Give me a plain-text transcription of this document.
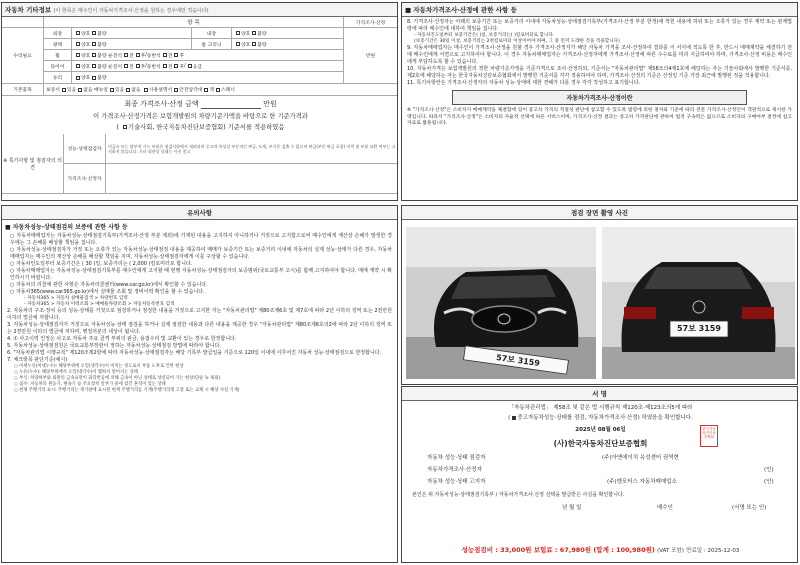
자동차 기타정보 (이 항목은 매수인이 자동차가격조사·산정을 원하는 경우에만 적습니다)
항 목	가격조사·산정
수리필요	만원
외장	양호 불량	내장	양호 불량
광택	양호 불량	룸 크리닝	양호 불량
휠	양호 불량
운전석 전 후 / 동반석 전 후
타이어	양호 불량
운전석 전 후 / 동반석 전 후 / 응급
유리	양호 불량
기본품목	보증서 있음 없음
매뉴얼 있음 없음
사용설명서 안전삼각대 잭 스패너
최종 가격조사·산정 금액	만원
이 가격조사·산정가격은 보험개발원의 차량기준가액을 바탕으로 한 기준가격과
( 기술사회, 한국자동차진단보증협회) 기준서를 적용하였음
※ 특기사항 및 점검자의 의견
성능·상태점검자
비금속 또는 탈부착 가능 부품은 점검사항에서 제외되며 중고차 특성상 부분적인 판금, 도색, 부식은 검출 수 없으며 판금(부분 판금 포함) 이력 및 부품 교환 여부는 고지하지 않습니다. 기타 외관상 상태는 사진 참고
가격조사·산정자
■ 자동차가격조사·산정에 관한 사항 등
8. 가격조사·산정자는 아래의 보증기간 또는 보증거리 이내에 자동차성능·상태점검기록부(가격조사·산정 부분 한정)에 적힌 내용에 허위 또는 오류가 있는 경우 계약 또는 관계법령에 따라 매수인에 대하여 책임을 집니다.
- 자동차진도일부터 보증기간은( )일, 보증거리는( )킬로미터로 합니다.
(보증기간은 30일 이상, 보증거리는 2천킬로미터 이상이어야 하며, 그 중 먼저 도래한 것을 적용합니다)
9. 자동차매매업자는 매수인이 가격조사·산정을 원할 경우 가격조사·산정자가 해당 자동차 가격을 조사·산정하여 결과를 이 서식에 적도록 한 후, 반드시 매매계약을 체결하기 전에 매수인에게 서면으로 고지하여야 합니다. 이 경우 자동차매매업자는 가격조사·산정자에게 가격조사·산정에 따른 수수료를 미리 지급하여야 하며, 가격조사·산정 비용은 매수인에게 부담하도록 할 수 있습니다.
10. 자동차가격은 보험개발원의 정한 차량기준가액을 기준가격으로 조사·산정하되, 기준서는 "자동차관리법" 제58조의4제1호에 해당하는 자는 기술사회에서 발행한 기준서를, 제2호에 해당하는 자는 한국자동차진단보증협회에서 발행한 기준서를 각각 적용하여야 하며, 가격조사·산정의 기준은 산정일 기준 가장 최근에 발행된 것을 적용합니다.
11. 특기사항란은 가격조사·산정자의 자동차 성능·상태에 대한 견해가 다를 경우 각각 작성하고 표기합니다.
자동차가격조사·산정이란
※ "가격조사·산정"은 소비자가 매매계약을 체결함에 있어 중고차 가격의 적절성 판단에 참고할 수 있도록 법령에 의한 절차와 기준에 따라 전문 가격조사·산정인이 객관적으로 제시한 가액입니다. 따라서 "가격조사·산정"은 소비자의 자율적 선택에 따른 서비스이며, 가격조사·산정 결과는 중고차 가격판단에 관하여 법적 구속력은 없으므로 소비자의 구매여부 결정에 참고자료로 활용됩니다.
유의사항
■ 자동차성능·상태점검의 보증에 관한 사항 등
○ 자동차매매업자는 자동차성능·상태점검기록부(가격조사·산정 부분 제외)에 기재된 내용을 고지하지 아니하거나 거짓으로 고지함으로써 매수인에게 재산상 손해가 발생한 경우에는 그 손해를 배상할 책임을 집니다.
○ 자동차성능·상태점검자가 거짓 또는 오류가 있는 자동차성능·상태점검 내용을 제공하여 매매가 보증기간 또는 보증거리 이내에 자동차의 실제 성능·상태가 다른 경우, 자동차매매업자는 매수인의 재산상 손해를 배상할 책임을 지며, 자동차성능·상태점검자에게 이를 구상할 수 있습니다.
○ 자동차인도일부터 보증기간은 ( 30 )일, 보증거리는 ( 2,000 )킬로미터로 합니다.
○ 자동차매매업자는 자동차성능·상태점검기록부를 매수인에게 고지할 때 현행 자동차성능·상태점검자의 보증범위(국토교통부 고시)를 함께 고지하여야 합니다. 매매 계약 시 확인하시기 바랍니다.
○ 자동차의 리콜에 관한 사항은 자동차리콜센터(www.car.go.kr)에서 확인할 수 있습니다.
○ 자동차365(www.car365.go.kr)에서 실매물 조회 및 정비이력 확인을 할 수 있습니다.
- 자동차365 > 자동차 실매물검색 > 차량번호 입력
- 자동차365 > 자동차 이력조회 > 매매용차량조회 > 자동차등록번호 검색
2. 자동차의 구조·장치 등의 성능·상태를 거짓으로 점검하거나 점검한 내용을 거짓으로 고지한 자는 "자동차관리법" 제80조제6호 및 제7호에 따라 2년 이하의 징역 또는 2천만원 이하의 벌금에 처합니다.
3. 자동차성능·상태점검자가 거짓으로 자동차성능·상태 점검을 하거나 실제 점검한 내용과 다른 내용을 제공한 경우 "자동차관리법" 제80조제6호의2에 따라 2년 이하의 징역 또는 2천만원 이하의 벌금에 처하며, 행정처분의 대상이 됩니다.
4. ① 사고이력 인정은 사고로 자동차 주요 골격 부위의 판금, 용접수리 및 교환이 있는 경우로 한정합니다.
5. 자동차성능·상태점검원은 국토교통부장관이 정하는 자동차성능·상태점검 방법에 따라야 합니다.
6. "자동차관리법 시행규칙" 제120조제2항에 따라 자동차성능·상태점검자는 해당 기록부 발급일을 기준으로 120일 이내에 이루어진 자동차 성능·상태점검으로 한정합니다.
7. 체크항목 판단기준(예시)
○ 미세누유(미세누수): 해당부위에 오일(냉각수)이 비치는 정도로서 부품 노후로 인한 현상
○ 누유(누수): 해당부위에서 오일(냉각수)이 맺혀서 떨어지는 상태
○ 부식: 차량하부와 외판의 금속표면이 화학반응에 의해 금속이 아닌 상태로 상실되어 가는 현상(단순 녹 제외)
○ 침수: 자동차의 원동기, 변속기 등 주요장치 일부가 물에 잠긴 흔적이 있는 상태
○ 현재 주행거리 표시: 주행거리는 계기판에 표시된 현재 주행거리를 기재(주행거리계 고장 또는 교체 시 해당 사실 기재)
점검 장면 촬영 사진
57보 3159
57보 3159
서 명
「자동차관리법」 제58조 및 같은 법 시행규칙 제120조·제123조의5에 따라
( 중고자동차성능·상태를 점검, 자동차가격조사·산정) 하였음을 확인합니다.
2025년 08월 06일
(사)한국자동차진단보증협회
한국자동차진단보증협회
자동차 성능·상태 점검자	(주)아앤에이치 유성센터 권역현
자동차가격조사·산정자	(인)
자동차 성능·상태 고지자	(주)엠포터스 자동차매매업소	(인)
본인은 위 자동차성능·상태점검기록부 / 자동차가격조사·산정 선택을 발급받은 사실을 확인합니다.
년 월 일	매수인	(서명 또는 인)
성능점검비 : 33,000원 보험료 : 67,980원 (합계 : 100,980원) (VAT 포함) 만료일 : 2025-12-03
